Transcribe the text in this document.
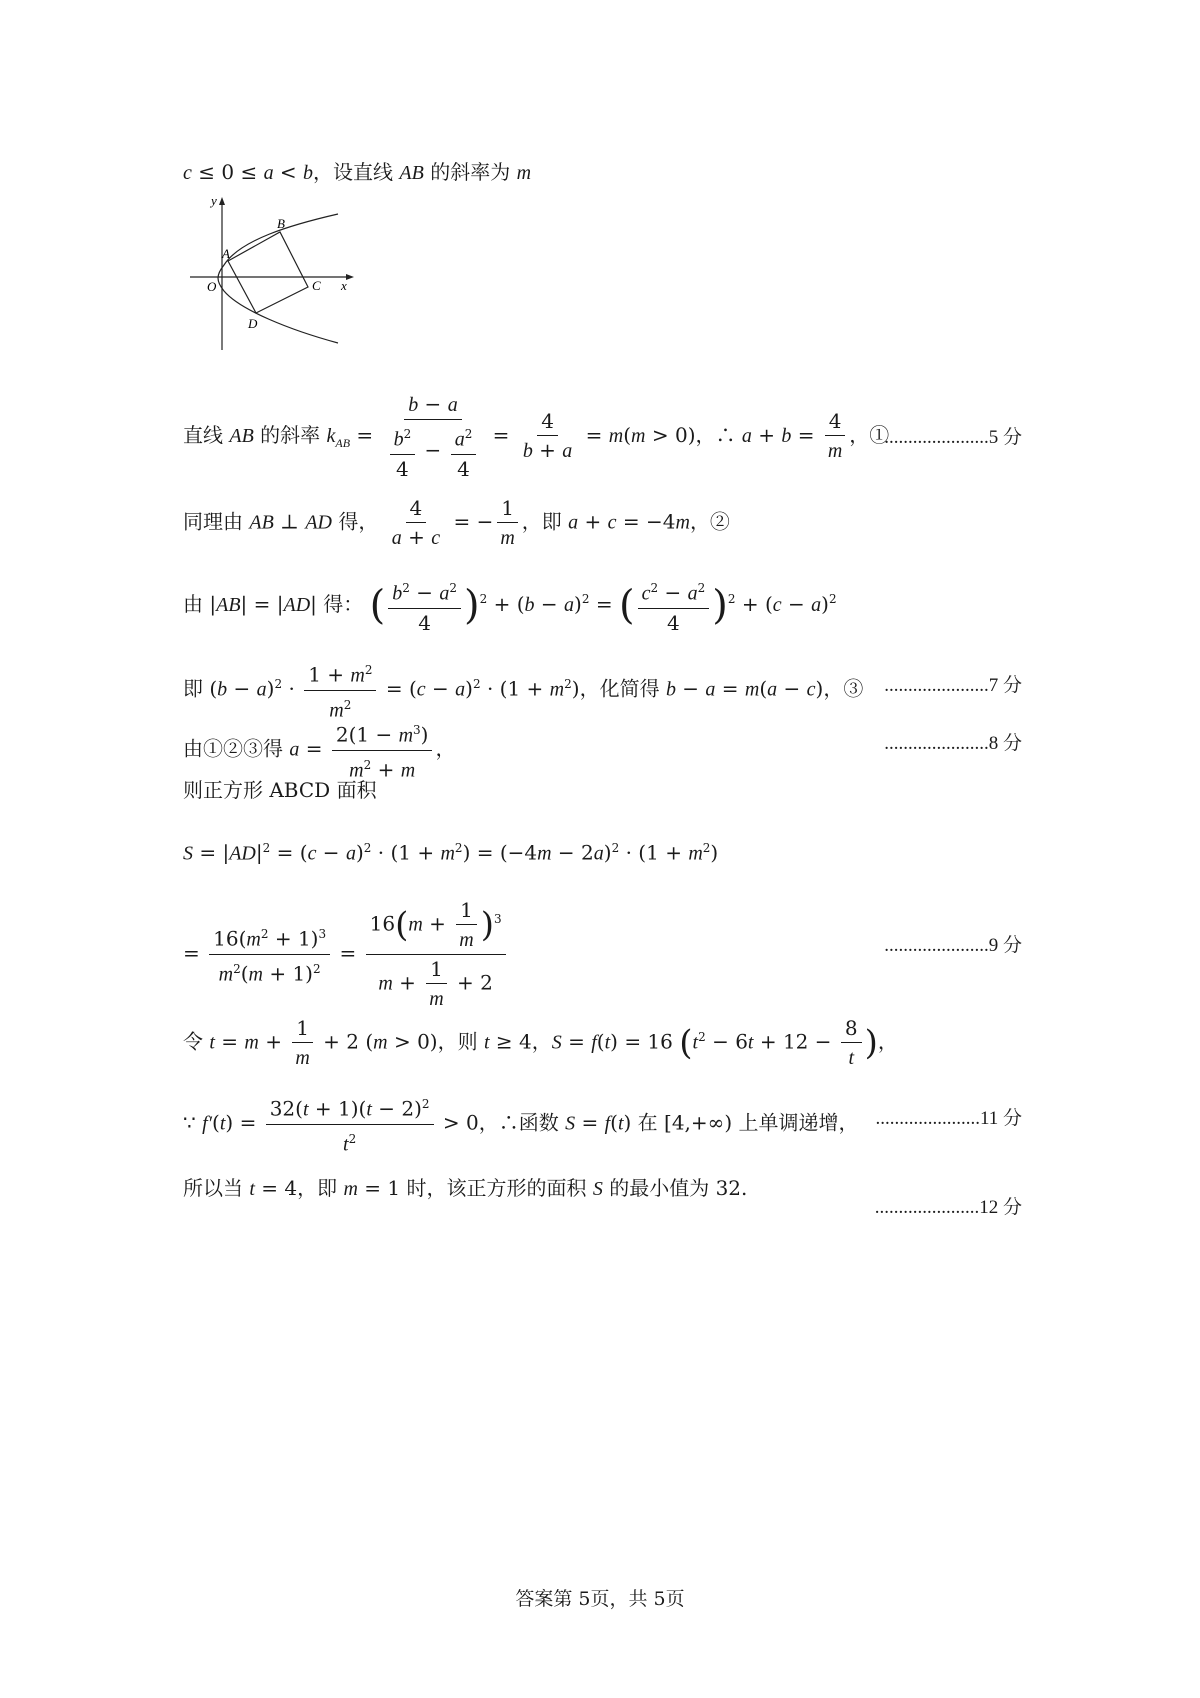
c ≤ 0 ≤ a < b，设直线 AB 的斜率为 m
y
x
O
A
B
C
D
直线 AB 的斜率 $k_{AB} = \frac{b - a}{\frac{b^2}{4} - \frac{a^2}{4}} = \frac{4}{b + a} = m(m > 0)$，∴ $a + b = \frac{4}{m}$ ，①
......................5 分
同理由 AB ⊥ AD 得， $\frac{4}{a + c}$ = − $\frac{1}{m}$ ，即 a + c = −4m，②
由 |AB| = |AD| 得： ( $\frac{b^2 - a^2}{4} )^2 + (b - a)^2$ = ( $\frac{c^2 - a^2}{4} )^2 + (c - a)^2$
即 $(b - a)^2 \cdot \frac{1 + m^2}{m^2} = (c - a)^2 \cdot (1 + m^2)$，化简得 b − a = m(a − c)，③ ......................7 分
由①②③得 $a = \frac{2(1 - m^3)}{m^2 + m}$ ，	......................8 分
则正方形 ABCD 面积
$S = |AD|^2 = (c - a)^2 \cdot (1 + m^2) = (-4m - 2a)^2 \cdot (1 + m^2)$
= $\frac{16(m^2 + 1)^3}{m^2(m + 1)^2} = \frac{16(m + \frac{1}{m} )^3}{m + \frac{1}{m} + 2}$	......................9 分
令 $t = m + \frac{1}{m} + 2$ (m > 0)，则 t ≥ 4，S = f(t) = 16 ($t^2 - 6t + 12 - \frac{8}{t}$ )，
∵ $f'(t) = \frac{32(t + 1)(t - 2)^2}{t^2} > 0$，∴函数 S = f(t) 在 [4,+∞) 上单调递增， ......................11 分
所以当 t = 4，即 m = 1 时，该正方形的面积 S 的最小值为 32.
......................12 分
答案第 5页，共 5页
